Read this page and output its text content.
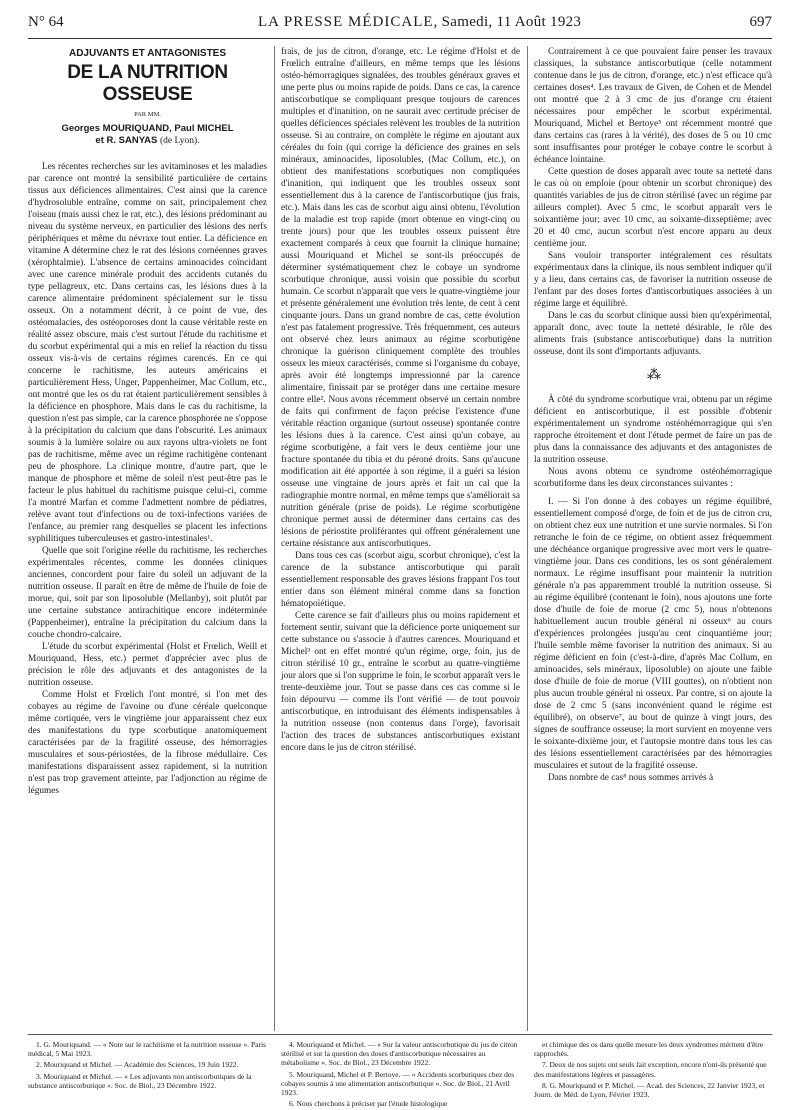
N° 64	LA PRESSE MÉDICALE, Samedi, 11 Août 1923	697
ADJUVANTS ET ANTAGONISTES
DE LA NUTRITION OSSEUSE
PAR MM.
Georges MOURIQUAND, Paul MICHEL
et R. SANYAS (de Lyon).

Les récentes recherches sur les avitaminoses et les maladies par carence ont montré la sensibilité particulière de certains tissus aux déficiences alimentaires. C'est ainsi que la carence d'hydrosoluble entraîne, comme on sait, principalement chez l'oiseau (mais aussi chez le rat, etc.), des lésions prédominant au niveau du système nerveux, en particulier des lésions des nerfs périphériques et même du névraxe tout entier. La déficience en vitamine A détermine chez le rat des lésions cornéennes graves (xérophtalmie). L'absence de certains aminoacides coïncidant avec une carence minérale produit des accidents cutanés du type pellagreux, etc. Dans certains cas, les lésions dues à la carence alimentaire prédominent spécialement sur le tissu osseux. On a notamment décrit, à ce point de vue, des ostéomalacies, des ostéoporoses dont la cause véritable reste en réalité assez obscure, mais c'est surtout l'étude du rachitisme et du scorbut expérimental qui a mis en relief la réaction du tissu osseux vis-à-vis de certains régimes carencés. En ce qui concerne le rachitisme, les auteurs américains et particulièrement Hess, Unger, Pappenheimer, Mac Collum, etc., ont montré que les os du rat étaient particulièrement sensibles à la déficience en phosphore. Mais dans le cas du rachitisme, la question n'est pas simple, car la carence phosphorée ne s'oppose à la précipitation du calcium que dans l'obscurité. Les animaux soumis à la lumière solaire ou aux rayons ultra-violets ne font pas de rachitisme, même avec un régime rachitigène contenant peu de phosphore. La clinique montre, d'autre part, que le manque de phosphore et même de soleil n'est peut-être pas le facteur le plus habituel du rachitisme puisque celui-ci, comme l'a montré Marfan et comme l'admettent nombre de pédiatres, relève avant tout d'infections ou de toxi-infections variées de l'enfance, au premier rang desquelles se placent les infections syphilitiques tuberculeuses et gastro-intestinales¹.

Quelle que soit l'origine réelle du rachitisme, les recherches expérimentales récentes, comme les données cliniques anciennes, concordent pour faire du soleil un adjuvant de la nutrition osseuse. Il paraît en être de même de l'huile de foie de morue, qui, soit par son liposoluble (Mellanby), soit plutôt par une certaine substance antirachitique encore indéterminée (Pappenheimer), entraîne la précipitation du calcium dans la couche chondro-calcaire.

L'étude du scorbut expérimental (Holst et Frœlich, Weill et Mouriquand, Hess, etc.) permet d'apprécier avec plus de précision le rôle des adjuvants et des antagonistes de la nutrition osseuse.

Comme Holst et Frœlich l'ont montré, si l'on met des cobayes au régime de l'avoine ou d'une céréale quelconque même cortiquée, vers le vingtième jour apparaissent chez eux des manifestations du type scorbutique anatomiquement caractérisées par de la fragilité osseuse, des hémorragies musculaires et sous-périostées, de la fibrose médullaire. Ces manifestations disparaissent assez rapidement, si la nutrition n'est pas trop gravement atteinte, par l'adjonction au régime de légumes

frais, de jus de citron, d'orange, etc. Le régime d'Holst et de Frœlich entraîne d'ailleurs, en même temps que les lésions ostéo-hémorragiques signalées, des troubles généraux graves et une perte plus ou moins rapide de poids. Dans ce cas, la carence antiscorbutique se compliquant presque toujours de carences multiples et d'inanition, on ne saurait avec certitude préciser de quelles déficiences spéciales relèvent les troubles de la nutrition osseuse. Si au contraire, on complète le régime en ajoutant aux céréales du foin (qui corrige la déficience des graines en sels minéraux, aminoacides, liposolubles, (Mac Collum, etc.), on obtient des manifestations scorbutiques non compliquées d'inanition, qui indiquent que les troubles osseux sont essentiellement dus à la carence de l'antiscorbutique (jus frais, etc.). Mais dans les cas de scorbut aigu ainsi obtenu, l'évolution de la maladie est trop rapide (mort obtenue en vingt-cinq ou trente jours) pour que les troubles osseux puissent être exactement comparés à ceux que fournit la clinique humaine; aussi Mouriquand et Michel se sont-ils préoccupés de déterminer systématiquement chez le cobaye un syndrome scorbutique chronique, aussi voisin que possible du scorbut humain. Ce scorbut n'apparaît que vers le quatre-vingtième jour et présente généralement une évolution très lente, de cent à cent cinquante jours. Dans un grand nombre de cas, cette évolution n'est pas fatalement progressive. Très fréquemment, ces auteurs ont observé chez leurs animaux au régime scorbutigène chronique la guérison cliniquement complète des troubles osseux les mieux caractérisés, comme si l'organisme du cobaye, après avoir été longtemps impressionné par la carence alimentaire, finissait par se protéger dans une certaine mesure contre elle². Nous avons récemment observé un certain nombre de faits qui confirment de façon précise l'existence d'une véritable réaction organique (surtout osseuse) spontanée contre les lésions dues à la carence. C'est ainsi qu'un cobaye, au régime scorbutigène, a fait vers le deux centième jour une fracture spontanée du tibia et du péroné droits. Sans qu'aucune modification ait été apportée à son régime, il a guéri sa lésion osseuse une vingtaine de jours après et fait un cal que la radiographie montre normal, en même temps que s'améliorait sa nutrition générale (prise de poids). Le régime scorbutigène chronique permet aussi de déterminer dans certains cas des lésions de périostite proliférantes qui offrent généralement une certaine résistance aux antiscorbutiques.

Dans tous ces cas (scorbut aigu, scorbut chronique), c'est la carence de la substance antiscorbutique qui paraît essentiellement responsable des graves lésions frappant l'os tout entier dans son élément minéral comme dans sa fonction hématopoïétique.

Cette carence se fait d'ailleurs plus ou moins rapidement et fortement sentir, suivant que la déficience porte uniquement sur cette substance ou s'associe à d'autres carences. Mouriquand et Michel³ ont en effet montré qu'un régime, orge, foin, jus de citron stérilisé 10 gr., entraîne le scorbut au quatre-vingtième jour alors que si l'on supprime le foin, le scorbut apparaît vers le trente-deuxième jour. Tout se passe dans ces cas comme si le foin dépourvu — comme ils l'ont vérifié — de tout pouvoir antiscorbutique, en introduisant des éléments indispensables à la nutrition osseuse (non contenus dans l'orge), favorisait l'action des traces de substances antiscorbutiques existant encore dans le jus de citron stérilisé.

Contrairement à ce que pouvaient faire penser les travaux classiques, la substance antiscorbutique (celle notamment contenue dans le jus de citron, d'orange, etc.) n'est efficace qu'à certaines doses⁴. Les travaux de Given, de Cohen et de Mendel ont montré que 2 à 3 cmc de jus d'orange cru étaient nécessaires pour empêcher le scorbut expérimental. Mouriquand, Michel et Bertoye⁵ ont récemment montré que dans certains cas (rares à la vérité), des doses de 5 ou 10 cmc sont insuffisantes pour protéger le cobaye contre le scorbut à échéance lointaine.

Cette question de doses apparaît avec toute sa netteté dans le cas où on emploie (pour obtenir un scorbut chronique) des quantités variables de jus de citron stérilisé (avec un régime par ailleurs complet). Avec 5 cmc, le scorbut apparaît vers le soixantième jour; avec 10 cmc, au soixante-dixseptième; avec 20 et 40 cmc, aucun scorbut n'est encore apparu au deux centième jour.

Sans vouloir transporter intégralement ces résultats expérimentaux dans la clinique, ils nous semblent indiquer qu'il y a lieu, dans certains cas, de favoriser la nutrition osseuse de l'enfant par des doses fortes d'antiscorbutiques associées à un régime large et équilibré.

Dans le cas du scorbut clinique aussi bien qu'expérimental, apparaît donc, avec toute la netteté désirable, le rôle des aliments frais (substance antiscorbutique) dans la nutrition osseuse, dont ils sont d'importants adjuvants.

⁂

À côté du syndrome scorbutique vrai, obtenu par un régime déficient en antiscorbutique, il est possible d'obtenir expérimentalement un syndrome ostéohémorragique qui s'en rapproche étroitement et dont l'étude permet de faire un pas de plus dans la connaissance des adjuvants et des antagonistes de la nutrition osseuse.

Nous avons obtenu ce syndrome ostéohémorragique scorbutiforme dans les deux circonstances suivantes :

I. — Si l'on donne à des cobayes un régime équilibré, essentiellement composé d'orge, de foin et de jus de citron cru, on obtient chez eux une nutrition et une survie normales. Si l'on retranche le foin de ce régime, on obtient assez fréquemment une déchéance organique progressive avec mort vers le quatre-vingtième jour. Dans ces conditions, les os sont généralement normaux. Le régime insuffisant pour maintenir la nutrition générale n'a pas apparemment troublé la nutrition osseuse. Si au régime équilibré (contenant le foin), nous ajoutons une forte dose d'huile de foie de morue (2 cmc 5), nous n'obtenons habituellement aucun trouble général ni osseux⁶ au cours d'expériences prolongées jusqu'au cent cinquantième jour; l'huile semble même favoriser la nutrition des animaux. Si au régime déficient en foin (c'est-à-dire, d'après Mac Collum, en aminoacides, sels minéraux, liposoluble) on ajoute une faible dose d'huile de foie de morue (VIII gouttes), on n'obtient non plus aucun trouble général ni osseux. Par contre, si on ajoute la dose de 2 cmc 5 (sans inconvénient quand le régime est équilibré), on observe⁷, au bout de quinze à vingt jours, des signes de souffrance osseuse; la mort survient en moyenne vers le soixante-dixième jour, et l'autopsie montre dans tous les cas des lésions essentiellement caractérisées par des hémorragies musculaires et sutout de la fragilité osseuse.

Dans nombre de cas⁸ nous sommes arrivés à

1. G. Mouriquand. — « Note sur le rachitisme et la nutrition osseuse ». Paris médical, 5 Mai 1923.

2. Mouriquand et Michel. — Académie des Sciences, 19 Juin 1922.

3. Mouriquand et Michel. — « Les adjuvants non antiscorbutiques de la substance antiscorbutique ». Soc. de Biol., 23 Décembre 1922.

4. Mouriquand et Michel. — « Sur la valeur antiscorbutique du jus de citron stérilisé et sur la question des doses d'antiscorbutique nécessaires au métabolisme ». Soc. de Biol., 23 Décembre 1922.

5. Mouriquand, Michel et P. Bertoye. — « Accidents scorbutiques chez des cobayes soumis à une alimentation antiscorbutique ». Soc. de Biol., 21 Avril 1923.

6. Nous cherchons à préciser par l'étude histologique

et chimique des os dans quelle mesure les deux syndromes méritent d'être rapprochés.

7. Deux de nos sujets ont seuls fait exception, encore n'ont-ils présenté que des manifestations légères et passagères.

8. G. Mouriquand et P. Michel. — Acad. des Sciences, 22 Janvier 1923, et Journ. de Méd. de Lyon, Février 1923.
